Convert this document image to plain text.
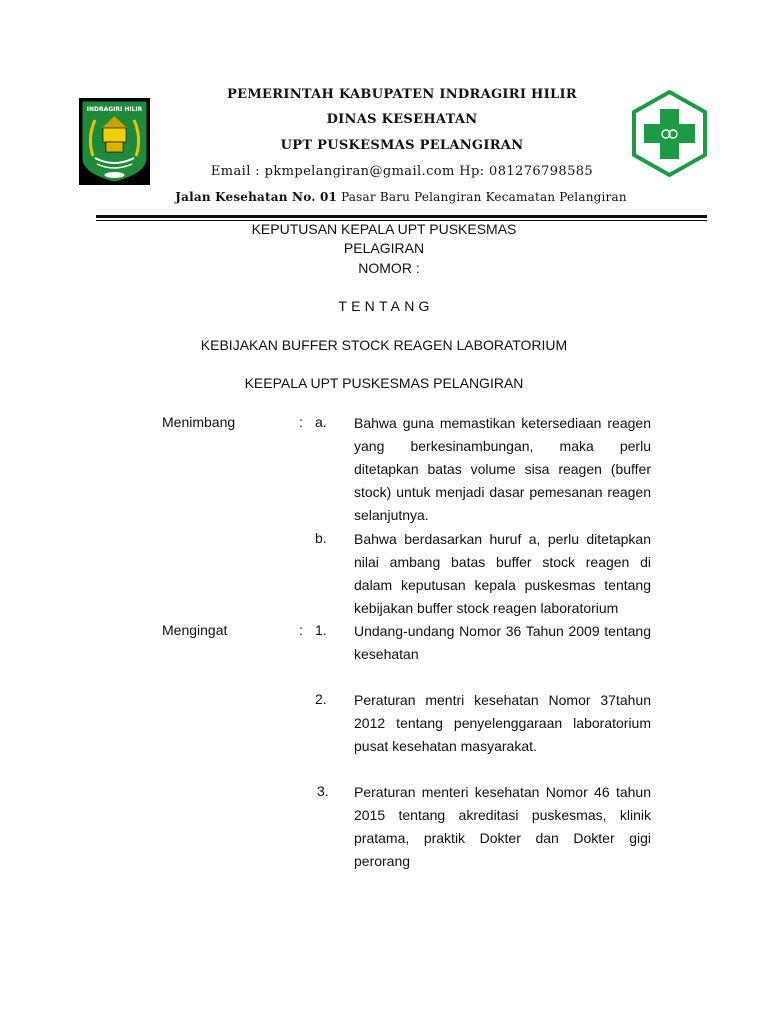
INDRAGIRI HILIR
PEMERINTAH KABUPATEN INDRAGIRI HILIR
DINAS KESEHATAN
UPT PUSKESMAS PELANGIRAN
Email : pkmpelangiran@gmail.com Hp: 081276798585
Jalan Kesehatan No. 01 Pasar Baru Pelangiran Kecamatan Pelangiran
KEPUTUSAN KEPALA UPT PUSKESMAS
PELAGIRAN
NOMOR :
TENTANG
KEBIJAKAN BUFFER STOCK REAGEN LABORATORIUM
KEEPALA UPT PUSKESMAS PELANGIRAN
Menimbang	: a. Bahwa guna memastikan ketersediaan reagen yang berkesinambungan, maka perlu ditetapkan batas volume sisa reagen (buffer stock) untuk menjadi dasar pemesanan reagen selanjutnya.
b. Bahwa berdasarkan huruf a, perlu ditetapkan nilai ambang batas buffer stock reagen di dalam keputusan kepala puskesmas tentang kebijakan buffer stock reagen laboratorium
Mengingat	: 1. Undang-undang Nomor 36 Tahun 2009 tentang kesehatan
2. Peraturan mentri kesehatan Nomor 37tahun 2012 tentang penyelenggaraan laboratorium pusat kesehatan masyarakat.
3. Peraturan menteri kesehatan Nomor 46 tahun 2015 tentang akreditasi puskesmas, klinik pratama, praktik Dokter dan Dokter gigi perorang
